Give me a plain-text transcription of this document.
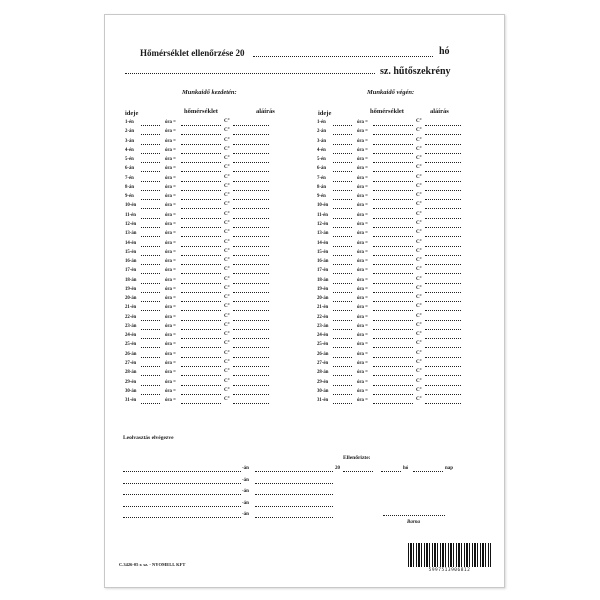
Hőmérséklet ellenőrzése 20	hó
sz. hűtőszekrény
Munkaidő kezdetén:	Munkaidő végén:
ideje	hőmérséklet	aláírás	ideje	hőmérséklet	aláírás
1-én	óra =	C°
2-án	óra =	C°
3-án	óra =	C°
4-én	óra =	C°
5-én	óra =	C°
6-án	óra =	C°
7-én	óra =	C°
8-án	óra =	C°
9-én	óra =	C°
10-én	óra =	C°
11-én	óra =	C°
12-én	óra =	C°
13-án	óra =	C°
14-én	óra =	C°
15-én	óra =	C°
16-án	óra =	C°
17-én	óra =	C°
18-án	óra =	C°
19-én	óra =	C°
20-án	óra =	C°
21-én	óra =	C°
22-én	óra =	C°
23-án	óra =	C°
24-én	óra =	C°
25-én	óra =	C°
26-án	óra =	C°
27-én	óra =	C°
28-án	óra =	C°
29-én	óra =	C°
30-án	óra =	C°
31-én	óra =	C°
1-én	óra =	C°
2-án	óra =	C°
3-án	óra =	C°
4-én	óra =	C°
5-én	óra =	C°
6-án	óra =	C°
7-én	óra =	C°
8-án	óra =	C°
9-én	óra =	C°
10-én	óra =	C°
11-én	óra =	C°
12-én	óra =	C°
13-án	óra =	C°
14-én	óra =	C°
15-én	óra =	C°
16-án	óra =	C°
17-én	óra =	C°
18-án	óra =	C°
19-én	óra =	C°
20-án	óra =	C°
21-én	óra =	C°
22-én	óra =	C°
23-án	óra =	C°
24-én	óra =	C°
25-én	óra =	C°
26-án	óra =	C°
27-én	óra =	C°
28-án	óra =	C°
29-én	óra =	C°
30-án	óra =	C°
31-én	óra =	C°
Leolvasztás elvégezve
Ellenőrizte:
-án
-án
-án
-án
-án
20	hó	nap
Barna
C.3426-05 r. sz. - NYOMELL KFT
5997513906812
